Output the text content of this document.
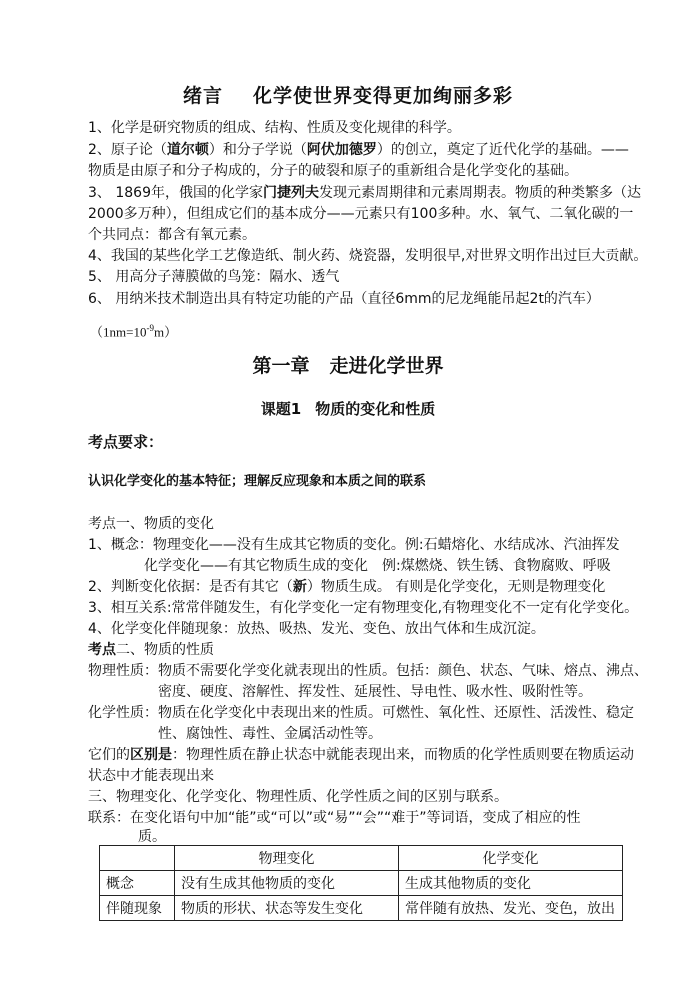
绪言 化学使世界变得更加绚丽多彩
1、化学是研究物质的组成、结构、性质及变化规律的科学。
2、原子论（道尔顿）和分子学说（阿伏加德罗）的创立，奠定了近代化学的基础。——
物质是由原子和分子构成的，分子的破裂和原子的重新组合是化学变化的基础。
3、 1869年，俄国的化学家门捷列夫发现元素周期律和元素周期表。物质的种类繁多（达
2000多万种），但组成它们的基本成分——元素只有100多种。水、氧气、二氧化碳的一
个共同点：都含有氧元素。
4、我国的某些化学工艺像造纸、制火药、烧瓷器，发明很早,对世界文明作出过巨大贡献。
5、 用高分子薄膜做的鸟笼：隔水、透气
6、 用纳米技术制造出具有特定功能的产品（直径6mm的尼龙绳能吊起2t的汽车）
$(1nm=10^{-9}m)$
第一章 走进化学世界
课题1 物质的变化和性质
考点要求：
认识化学变化的基本特征；理解反应现象和本质之间的联系
考点一、物质的变化
1、概念：物理变化——没有生成其它物质的变化。例:石蜡熔化、水结成冰、汽油挥发
化学变化——有其它物质生成的变化　例:煤燃烧、铁生锈、食物腐败、呼吸
2、判断变化依据：是否有其它（新）物质生成。 有则是化学变化，无则是物理变化
3、相互关系:常常伴随发生，有化学变化一定有物理变化,有物理变化不一定有化学变化。
4、化学变化伴随现象：放热、吸热、发光、变色、放出气体和生成沉淀。
考点二、物质的性质
物理性质：物质不需要化学变化就表现出的性质。包括：颜色、状态、气味、熔点、沸点、
密度、硬度、溶解性、挥发性、延展性、导电性、吸水性、吸附性等。
化学性质：物质在化学变化中表现出来的性质。可燃性、氧化性、还原性、活泼性、稳定
性、腐蚀性、毒性、金属活动性等。
它们的区别是：物理性质在静止状态中就能表现出来，而物质的化学性质则要在物质运动
状态中才能表现出来
三、物理变化、化学变化、物理性质、化学性质之间的区别与联系。
联系：在变化语句中加“能”或“可以”或“易”“会”“难于”等词语，变成了相应的性
质。
	物理变化	化学变化
概念	没有生成其他物质的变化	生成其他物质的变化
伴随现象	物质的形状、状态等发生变化	常伴随有放热、发光、变色，放出
